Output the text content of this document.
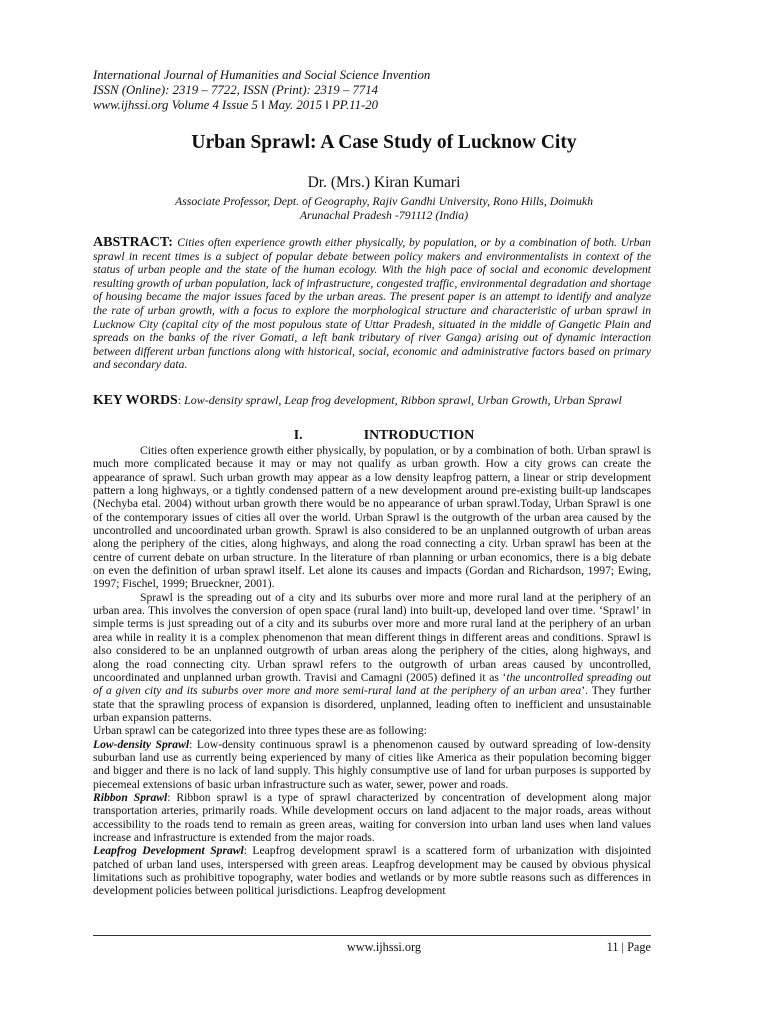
International Journal of Humanities and Social Science Invention
ISSN (Online): 2319 – 7722, ISSN (Print): 2319 – 7714
www.ijhssi.org Volume 4 Issue 5 ǁ May. 2015 ǁ PP.11-20
Urban Sprawl: A Case Study of Lucknow City
Dr. (Mrs.) Kiran Kumari
Associate Professor, Dept. of Geography, Rajiv Gandhi University, Rono Hills, Doimukh
Arunachal Pradesh -791112 (India)
ABSTRACT: Cities often experience growth either physically, by population, or by a combination of both. Urban sprawl in recent times is a subject of popular debate between policy makers and environmentalists in context of the status of urban people and the state of the human ecology. With the high pace of social and economic development resulting growth of urban population, lack of infrastructure, congested traffic, environmental degradation and shortage of housing became the major issues faced by the urban areas. The present paper is an attempt to identify and analyze the rate of urban growth, with a focus to explore the morphological structure and characteristic of urban sprawl in Lucknow City (capital city of the most populous state of Uttar Pradesh, situated in the middle of Gangetic Plain and spreads on the banks of the river Gomati, a left bank tributary of river Ganga) arising out of dynamic interaction between different urban functions along with historical, social, economic and administrative factors based on primary and secondary data.
KEY WORDS: Low-density sprawl, Leap frog development, Ribbon sprawl, Urban Growth, Urban Sprawl
I.	INTRODUCTION

Cities often experience growth either physically, by population, or by a combination of both. Urban sprawl is much more complicated because it may or may not qualify as urban growth. How a city grows can create the appearance of sprawl. Such urban growth may appear as a low density leapfrog pattern, a linear or strip development pattern a long highways, or a tightly condensed pattern of a new development around pre-existing built-up landscapes (Nechyba etal. 2004) without urban growth there would be no appearance of urban sprawl.Today, Urban Sprawl is one of the contemporary issues of cities all over the world. Urban Sprawl is the outgrowth of the urban area caused by the uncontrolled and uncoordinated urban growth. Sprawl is also considered to be an unplanned outgrowth of urban areas along the periphery of the cities, along highways, and along the road connecting a city. Urban sprawl has been at the centre of current debate on urban structure. In the literature of rban planning or urban economics, there is a big debate on even the definition of urban sprawl itself. Let alone its causes and impacts (Gordan and Richardson, 1997; Ewing, 1997; Fischel, 1999; Brueckner, 2001).

Sprawl is the spreading out of a city and its suburbs over more and more rural land at the periphery of an urban area. This involves the conversion of open space (rural land) into built-up, developed land over time. ‘Sprawl’ in simple terms is just spreading out of a city and its suburbs over more and more rural land at the periphery of an urban area while in reality it is a complex phenomenon that mean different things in different areas and conditions. Sprawl is also considered to be an unplanned outgrowth of urban areas along the periphery of the cities, along highways, and along the road connecting city. Urban sprawl refers to the outgrowth of urban areas caused by uncontrolled, uncoordinated and unplanned urban growth. Travisi and Camagni (2005) defined it as ‘the uncontrolled spreading out of a given city and its suburbs over more and more semi-rural land at the periphery of an urban area’. They further state that the sprawling process of expansion is disordered, unplanned, leading often to inefficient and unsustainable urban expansion patterns.

Urban sprawl can be categorized into three types these are as following:

Low-density Sprawl: Low-density continuous sprawl is a phenomenon caused by outward spreading of low-density suburban land use as currently being experienced by many of cities like America as their population becoming bigger and bigger and there is no lack of land supply. This highly consumptive use of land for urban purposes is supported by piecemeal extensions of basic urban infrastructure such as water, sewer, power and roads.

Ribbon Sprawl: Ribbon sprawl is a type of sprawl characterized by concentration of development along major transportation arteries, primarily roads. While development occurs on land adjacent to the major roads, areas without accessibility to the roads tend to remain as green areas, waiting for conversion into urban land uses when land values increase and infrastructure is extended from the major roads.

Leapfrog Development Sprawl: Leapfrog development sprawl is a scattered form of urbanization with disjointed patched of urban land uses, interspersed with green areas. Leapfrog development may be caused by obvious physical limitations such as prohibitive topography, water bodies and wetlands or by more subtle reasons such as differences in development policies between political jurisdictions. Leapfrog development

www.ijhssi.org	11 | Page
